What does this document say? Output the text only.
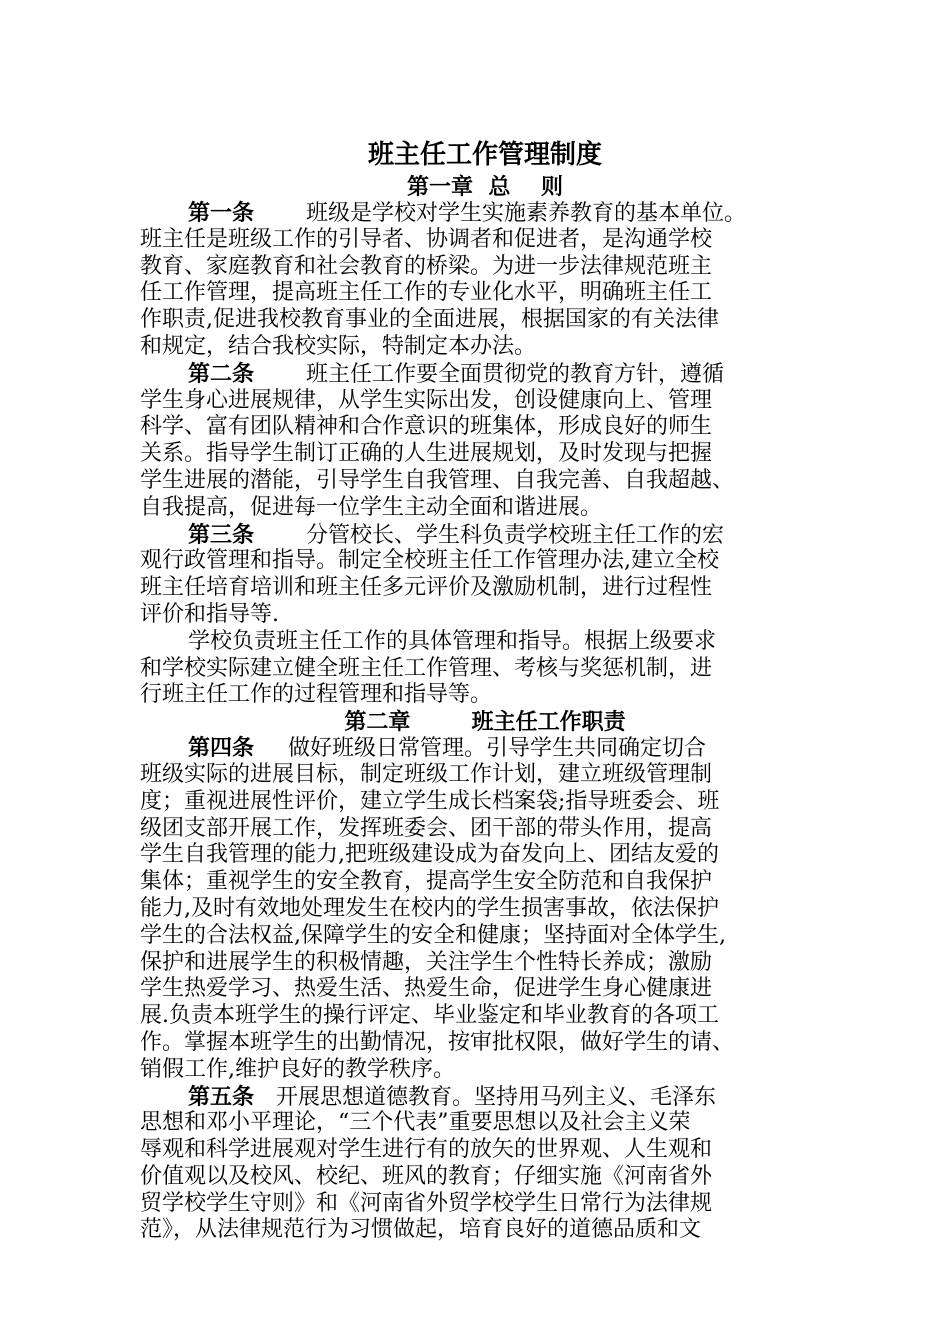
班主任工作管理制度
第一章  总    则
第一条 班级是学校对学生实施素养教育的基本单位。
班主任是班级工作的引导者、协调者和促进者，是沟通学校
教育、家庭教育和社会教育的桥梁。为进一步法律规范班主
任工作管理，提高班主任工作的专业化水平，明确班主任工
作职责,促进我校教育事业的全面进展，根据国家的有关法律
和规定，结合我校实际，特制定本办法。
第二条 班主任工作要全面贯彻党的教育方针，遵循
学生身心进展规律，从学生实际出发，创设健康向上、管理
科学、富有团队精神和合作意识的班集体，形成良好的师生
关系。指导学生制订正确的人生进展规划，及时发现与把握
学生进展的潜能，引导学生自我管理、自我完善、自我超越、
自我提高，促进每一位学生主动全面和谐进展。
第三条 分管校长、学生科负责学校班主任工作的宏
观行政管理和指导。制定全校班主任工作管理办法,建立全校
班主任培育培训和班主任多元评价及激励机制，进行过程性
评价和指导等.
学校负责班主任工作的具体管理和指导。根据上级要求
和学校实际建立健全班主任工作管理、考核与奖惩机制，进
行班主任工作的过程管理和指导等。
第二章        班主任工作职责
第四条 做好班级日常管理。引导学生共同确定切合
班级实际的进展目标，制定班级工作计划，建立班级管理制
度；重视进展性评价，建立学生成长档案袋;指导班委会、班
级团支部开展工作，发挥班委会、团干部的带头作用，提高
学生自我管理的能力,把班级建设成为奋发向上、团结友爱的
集体；重视学生的安全教育，提高学生安全防范和自我保护
能力,及时有效地处理发生在校内的学生损害事故，依法保护
学生的合法权益,保障学生的安全和健康；坚持面对全体学生,
保护和进展学生的积极情趣，关注学生个性特长养成；激励
学生热爱学习、热爱生活、热爱生命，促进学生身心健康进
展.负责本班学生的操行评定、毕业鉴定和毕业教育的各项工
作。掌握本班学生的出勤情况，按审批权限，做好学生的请、
销假工作,维护良好的教学秩序。
第五条 开展思想道德教育。坚持用马列主义、毛泽东
思想和邓小平理论，“三个代表”重要思想以及社会主义荣
辱观和科学进展观对学生进行有的放矢的世界观、人生观和
价值观以及校风、校纪、班风的教育；仔细实施《河南省外
贸学校学生守则》和《河南省外贸学校学生日常行为法律规
范》，从法律规范行为习惯做起，培育良好的道德品质和文
